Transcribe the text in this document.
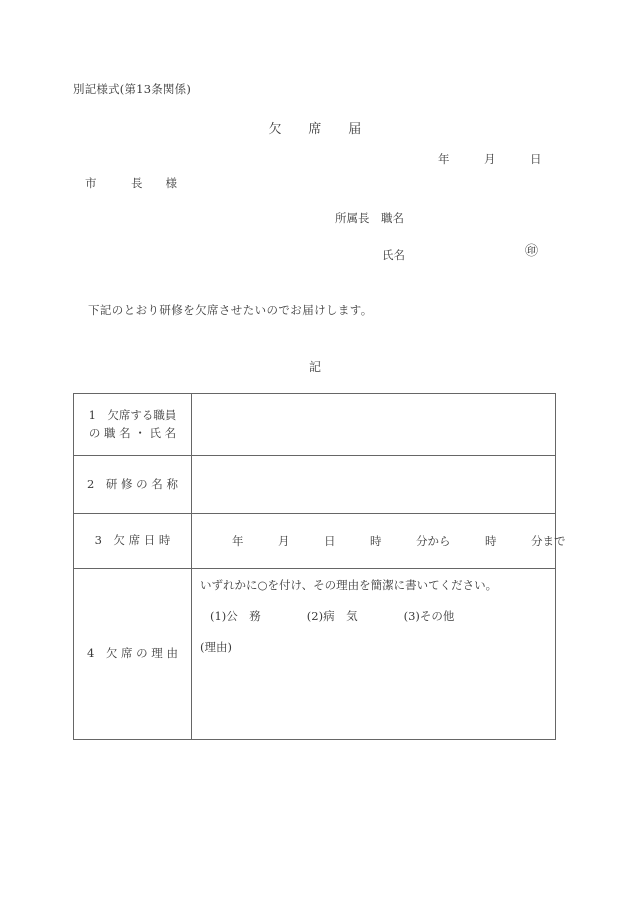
別記様式(第13条関係)
欠　　席　　届
年　　　月　　　日
市　　　長　　様
所属長　職名
氏名	㊞
下記のとおり研修を欠席させたいのでお届けします。
記
1　欠席する職員
の 職 名 ・ 氏 名	

2　研 修 の 名 称	

3　欠 席 日 時	年　　　月　　　日　　　時　　　分から　　　時　　　分まで

4　欠 席 の 理 由	いずれかに○を付け、その理由を簡潔に書いてください。

(1)公　務　　　　(2)病　気　　　　(3)その他

(理由)
